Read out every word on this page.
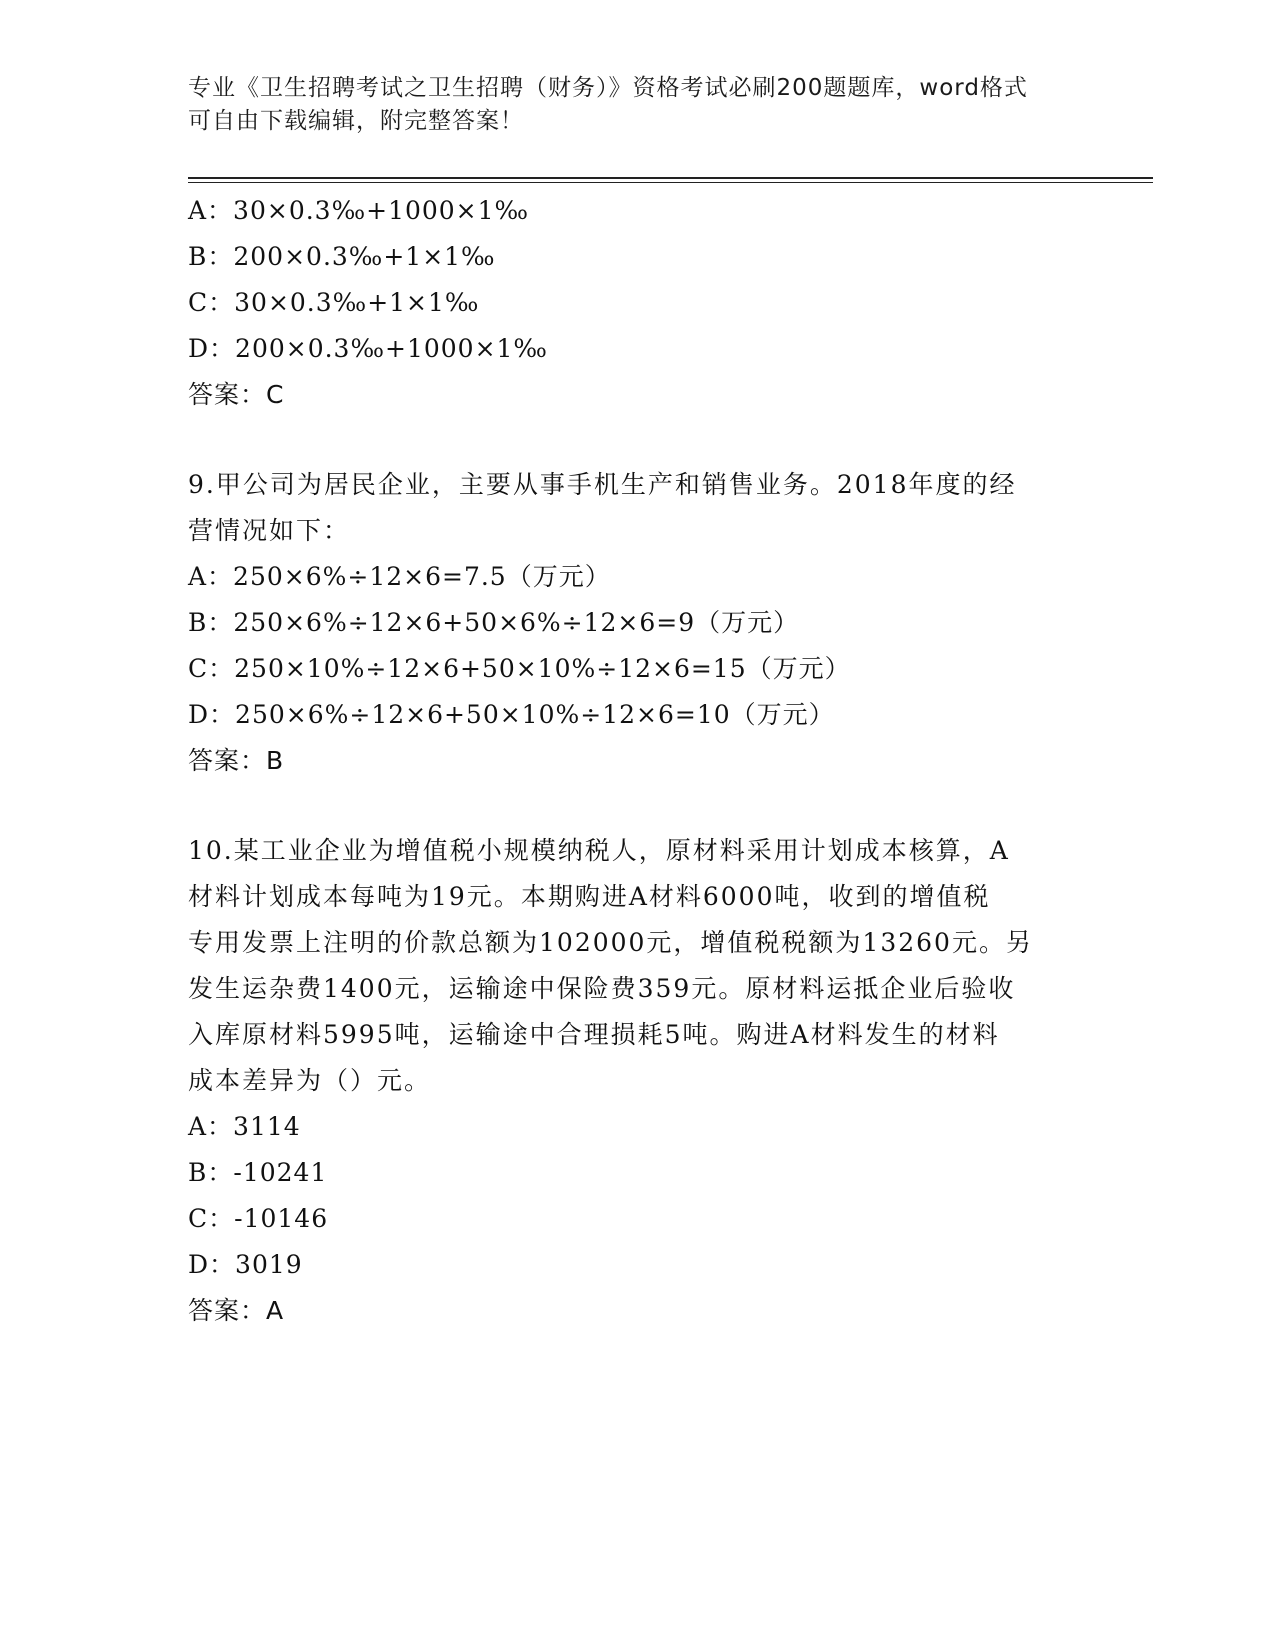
专业《卫生招聘考试之卫生招聘（财务）》资格考试必刷200题题库，word格式
可自由下载编辑，附完整答案！
A：30×0.3‰+1000×1‰
B：200×0.3‰+1×1‰
C：30×0.3‰+1×1‰
D：200×0.3‰+1000×1‰
答案：C
9.甲公司为居民企业，主要从事手机生产和销售业务。2018年度的经
营情况如下：
A：250×6%÷12×6=7.5（万元）
B：250×6%÷12×6+50×6%÷12×6=9（万元）
C：250×10%÷12×6+50×10%÷12×6=15（万元）
D：250×6%÷12×6+50×10%÷12×6=10（万元）
答案：B
10.某工业企业为增值税小规模纳税人，原材料采用计划成本核算，A
材料计划成本每吨为19元。本期购进A材料6000吨，收到的增值税
专用发票上注明的价款总额为102000元，增值税税额为13260元。另
发生运杂费1400元，运输途中保险费359元。原材料运抵企业后验收
入库原材料5995吨，运输途中合理损耗5吨。购进A材料发生的材料
成本差异为（）元。
A：3114
B：-10241
C：-10146
D：3019
答案：A
